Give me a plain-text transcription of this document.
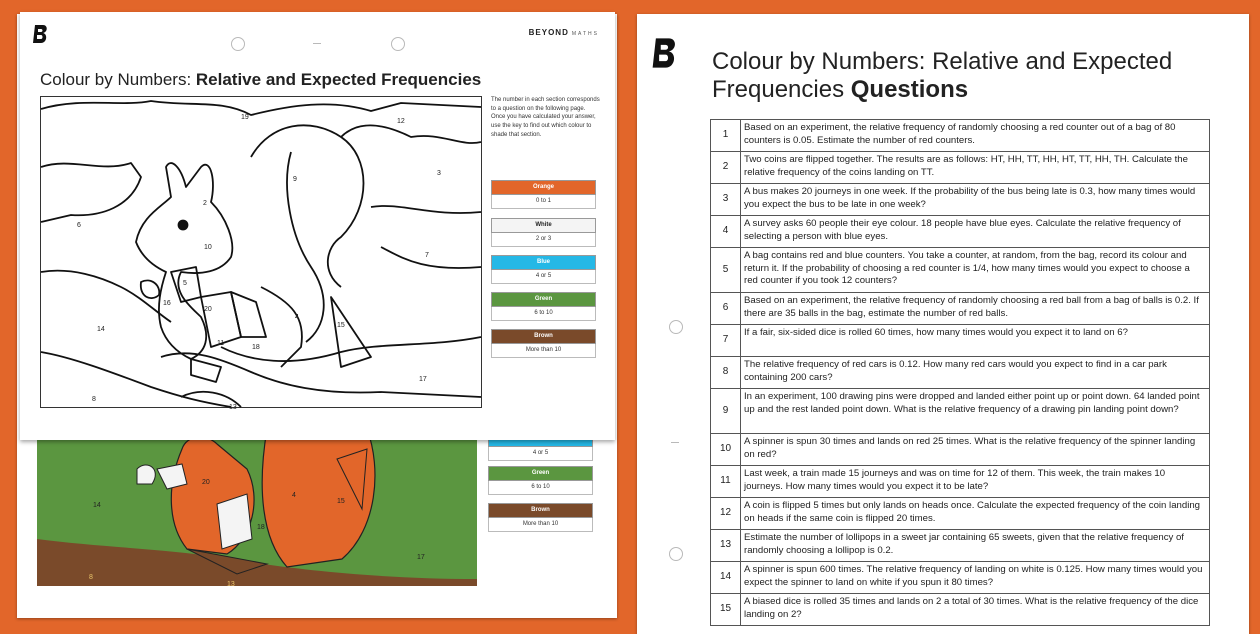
20
4
15
14
17
18
8
13
4 or 5
Green
6 to 10
Brown
More than 10
BEYOND MATHS
Colour by Numbers: Relative and Expected Frequencies
19
12
2
9
3
6
10
7
16
5
20
4
14
15
11
18
17
8
13
The number in each section corresponds to a question on the following page. Once you have calculated your answer, use the key to find out which colour to shade that section.
Orange
0 to 1
White
2 or 3
Blue
4 or 5
Green
6 to 10
Brown
More than 10
Colour by Numbers: Relative and Expected
Frequencies Questions
1	Based on an experiment, the relative frequency of randomly choosing a red counter out of a bag of 80 counters is 0.05. Estimate the number of red counters.
2	Two coins are flipped together. The results are as follows: HT, HH, TT, HH, HT, TT, HH, TH. Calculate the relative frequency of the coins landing on TT.
3	A bus makes 20 journeys in one week. If the probability of the bus being late is 0.3, how many times would you expect the bus to be late in one week?
4	A survey asks 60 people their eye colour. 18 people have blue eyes. Calculate the relative frequency of selecting a person with blue eyes.
5	A bag contains red and blue counters. You take a counter, at random, from the bag, record its colour and return it. If the probability of choosing a red counter is 1/4, how many times would you expect to choose a red counter if you took 12 counters?
6	Based on an experiment, the relative frequency of randomly choosing a red ball from a bag of balls is 0.2. If there are 35 balls in the bag, estimate the number of red balls.
7	If a fair, six-sided dice is rolled 60 times, how many times would you expect it to land on 6?
8	The relative frequency of red cars is 0.12. How many red cars would you expect to find in a car park containing 200 cars?
9	In an experiment, 100 drawing pins were dropped and landed either point up or point down. 64 landed point up and the rest landed point down. What is the relative frequency of a drawing pin landing point down?
10	A spinner is spun 30 times and lands on red 25 times. What is the relative frequency of the spinner landing on red?
11	Last week, a train made 15 journeys and was on time for 12 of them. This week, the train makes 10 journeys. How many times would you expect it to be late?
12	A coin is flipped 5 times but only lands on heads once. Calculate the expected frequency of the coin landing on heads if the same coin is flipped 20 times.
13	Estimate the number of lollipops in a sweet jar containing 65 sweets, given that the relative frequency of randomly choosing a lollipop is 0.2.
14	A spinner is spun 600 times. The relative frequency of landing on white is 0.125. How many times would you expect the spinner to land on white if you spun it 80 times?
15	A biased dice is rolled 35 times and lands on 2 a total of 30 times. What is the relative frequency of the dice landing on 2?
